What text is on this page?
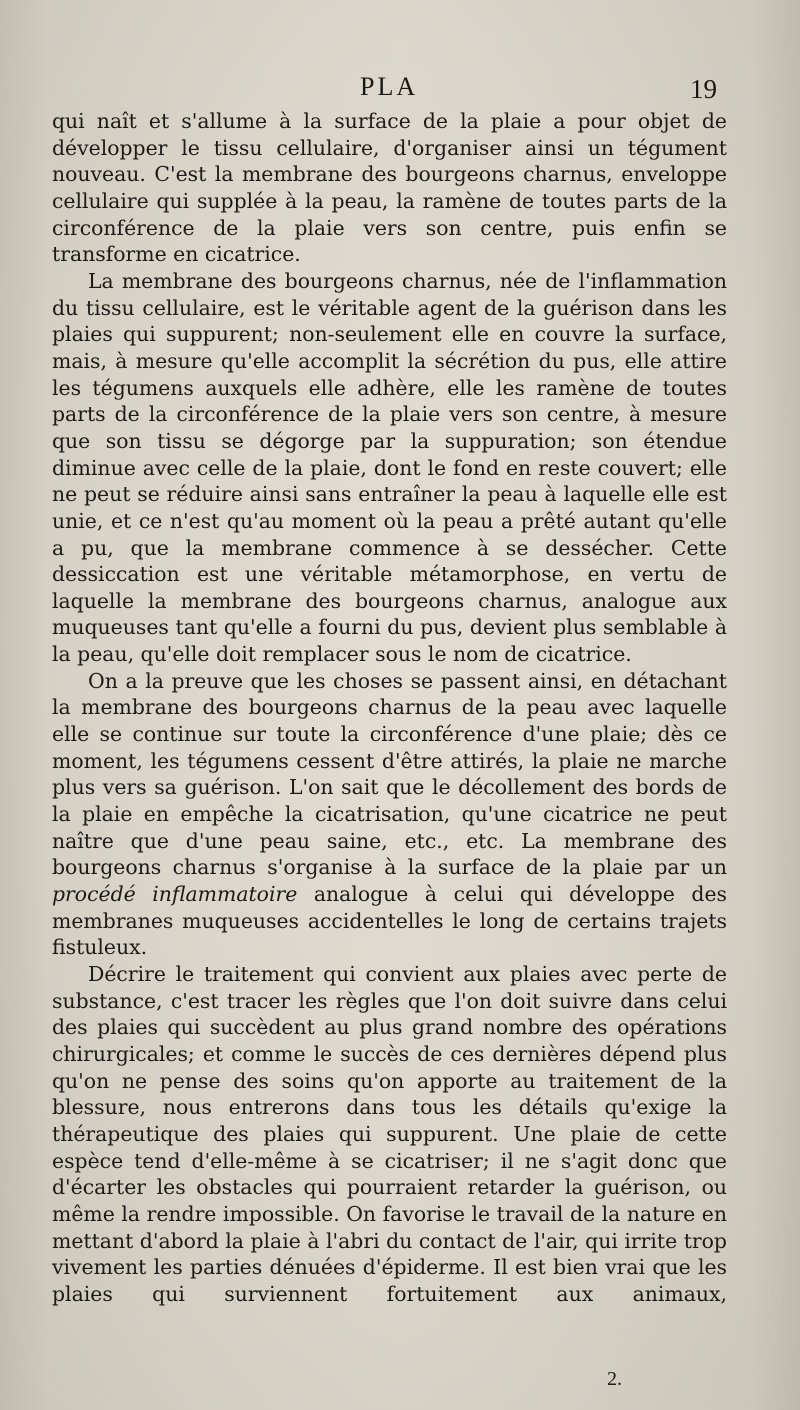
PLA	19

qui naît et s'allume à la surface de la plaie a pour objet de développer le tissu cellulaire, d'organiser ainsi un tégument nouveau. C'est la membrane des bourgeons charnus, enveloppe cellulaire qui supplée à la peau, la ramène de toutes parts de la circonférence de la plaie vers son centre, puis enfin se transforme en cicatrice.

La membrane des bourgeons charnus, née de l'inflammation du tissu cellulaire, est le véritable agent de la guérison dans les plaies qui suppurent; non-seulement elle en couvre la surface, mais, à mesure qu'elle accomplit la sécrétion du pus, elle attire les tégumens auxquels elle adhère, elle les ramène de toutes parts de la circonférence de la plaie vers son centre, à mesure que son tissu se dégorge par la suppuration; son étendue diminue avec celle de la plaie, dont le fond en reste couvert; elle ne peut se réduire ainsi sans entraîner la peau à laquelle elle est unie, et ce n'est qu'au moment où la peau a prêté autant qu'elle a pu, que la membrane commence à se dessécher. Cette dessiccation est une véritable métamorphose, en vertu de laquelle la membrane des bourgeons charnus, analogue aux muqueuses tant qu'elle a fourni du pus, devient plus semblable à la peau, qu'elle doit remplacer sous le nom de cicatrice.

On a la preuve que les choses se passent ainsi, en détachant la membrane des bourgeons charnus de la peau avec laquelle elle se continue sur toute la circonférence d'une plaie; dès ce moment, les tégumens cessent d'être attirés, la plaie ne marche plus vers sa guérison. L'on sait que le décollement des bords de la plaie en empêche la cicatrisation, qu'une cicatrice ne peut naître que d'une peau saine, etc., etc. La membrane des bourgeons charnus s'organise à la surface de la plaie par un procédé inflammatoire analogue à celui qui développe des membranes muqueuses accidentelles le long de certains trajets fistuleux.

Décrire le traitement qui convient aux plaies avec perte de substance, c'est tracer les règles que l'on doit suivre dans celui des plaies qui succèdent au plus grand nombre des opérations chirurgicales; et comme le succès de ces dernières dépend plus qu'on ne pense des soins qu'on apporte au traitement de la blessure, nous entrerons dans tous les détails qu'exige la thérapeutique des plaies qui suppurent. Une plaie de cette espèce tend d'elle-même à se cicatriser; il ne s'agit donc que d'écarter les obstacles qui pourraient retarder la guérison, ou même la rendre impossible. On favorise le travail de la nature en mettant d'abord la plaie à l'abri du contact de l'air, qui irrite trop vivement les parties dénuées d'épiderme. Il est bien vrai que les plaies qui surviennent fortuitement aux animaux,

2.
